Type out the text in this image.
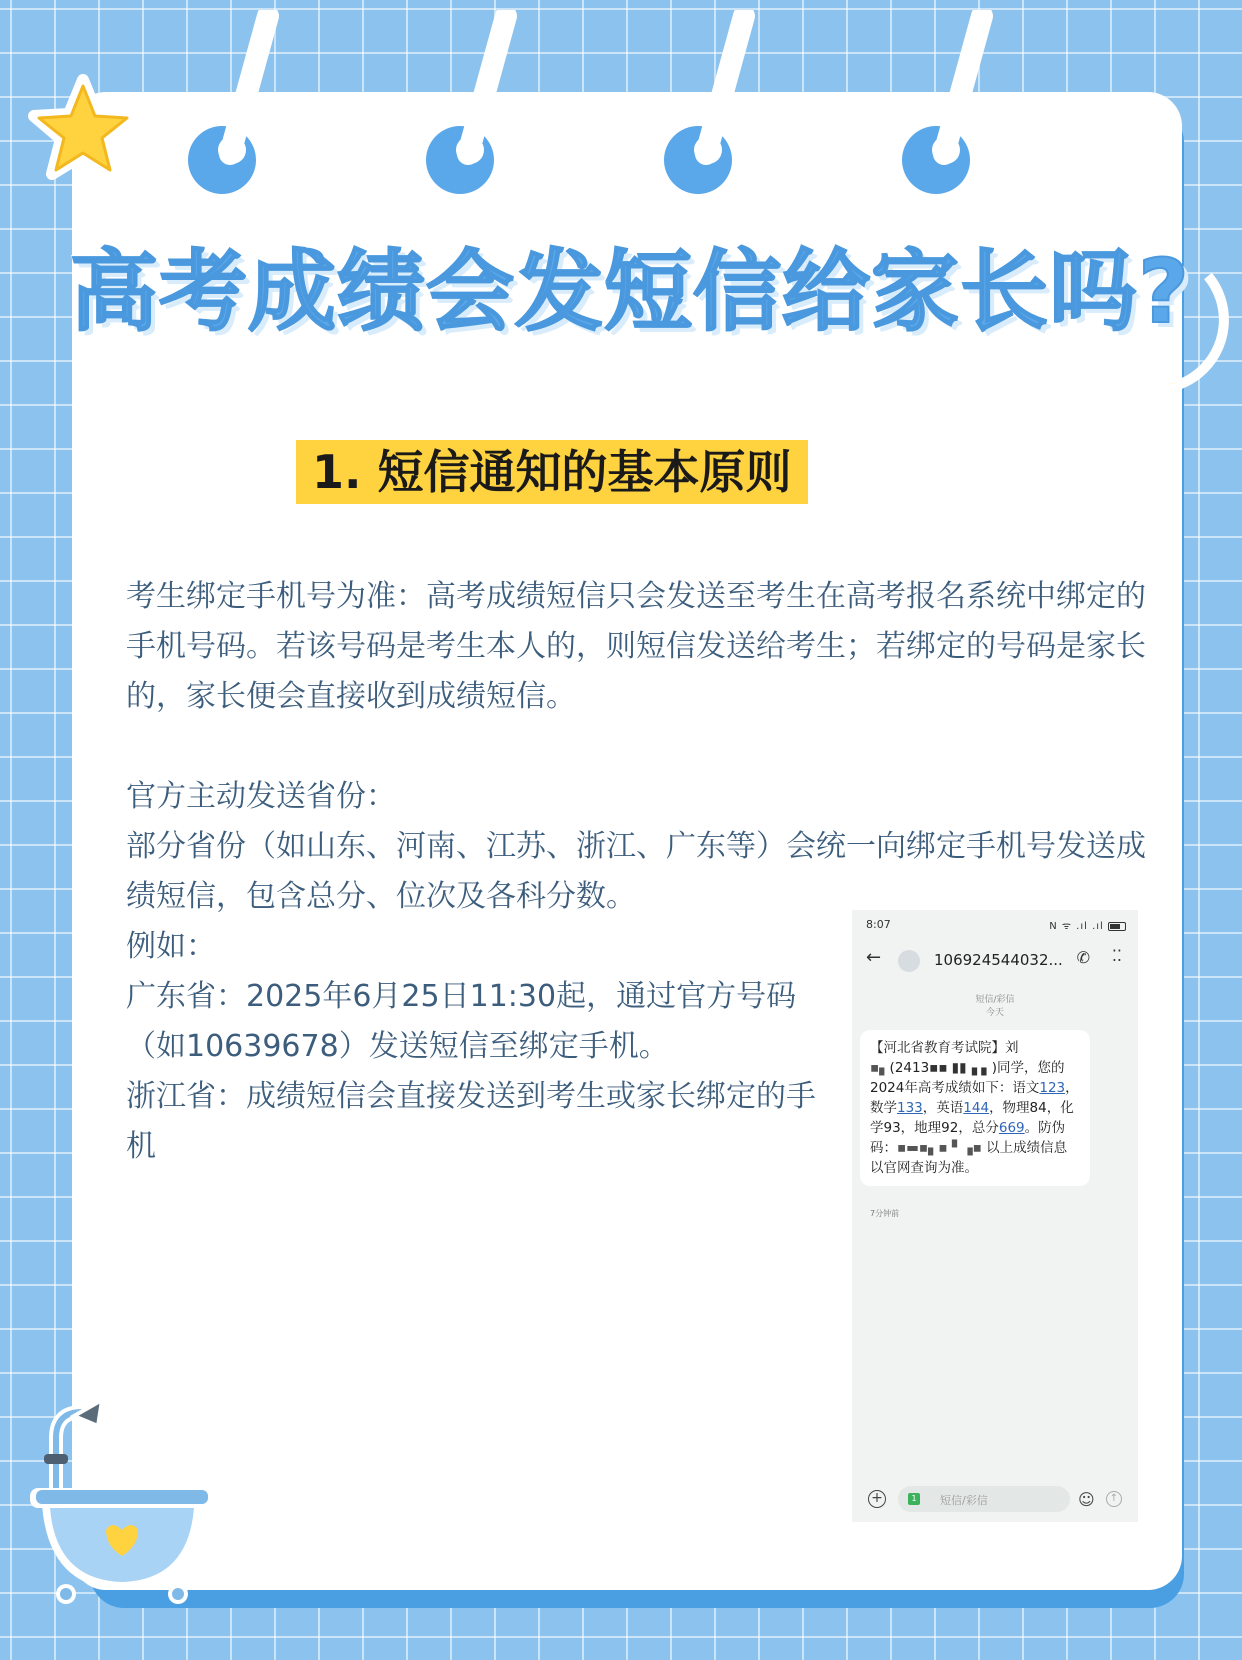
高考成绩会发短信给家长吗?
1. 短信通知的基本原则

考生绑定手机号为准：高考成绩短信只会发送至考生在高考报名系统中绑定的手机号码。若该号码是考生本人的，则短信发送给考生；若绑定的号码是家长的，家长便会直接收到成绩短信。

官方主动发送省份：

部分省份（如山东、河南、江苏、浙江、广东等）会统一向绑定手机号发送成绩短信，包含总分、位次及各科分数。

例如：

广东省：2025年6月25日11:30起，通过官方号码（如10639678）发送短信至绑定手机。

浙江省：成绩短信会直接发送到考生或家长绑定的手机

8:07	N ᯤ .ıl .ıl
←	106924544032... ✆ ⁚⁚
短信/彩信
今天
【河北省教育考试院】刘▪▖(2413▪▪ ▮▮▗ ▖)同学，您的2024年高考成绩如下：语文123，数学133，英语144，物理84，化学93，地理92，总分669。防伪码：▪▬▪▖▪ ▘▗▪ 以上成绩信息以官网查询为准。
7分钟前
+	1	短信/彩信	☺	↑
